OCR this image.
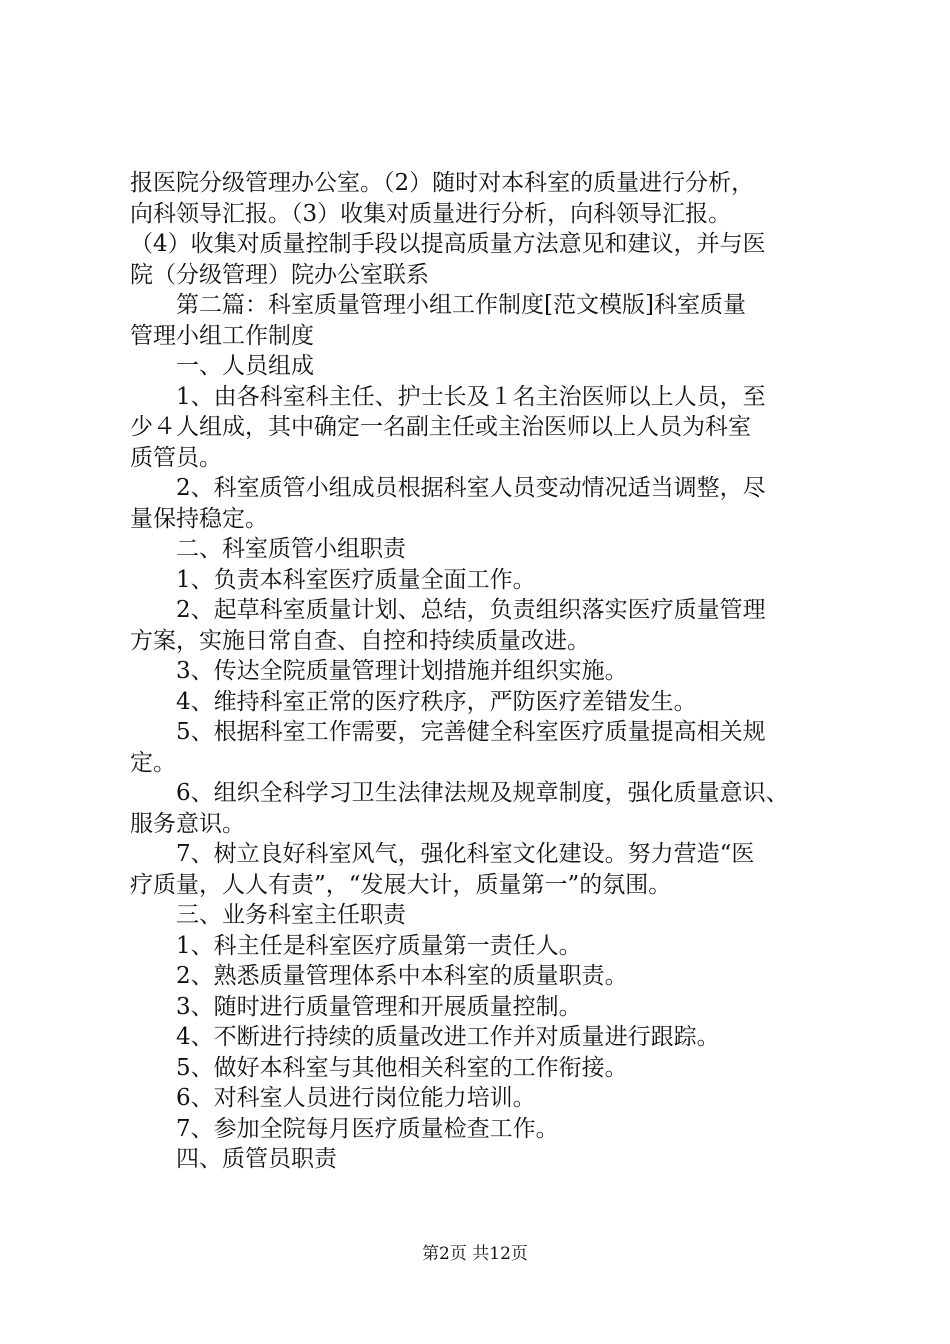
报医院分级管理办公室。（2）随时对本科室的质量进行分析，
向科领导汇报。（3）收集对质量进行分析，向科领导汇报。
（4）收集对质量控制手段以提高质量方法意见和建议，并与医
院（分级管理）院办公室联系
第二篇：科室质量管理小组工作制度[范文模版]科室质量
管理小组工作制度
一、人员组成
1、由各科室科主任、护士长及１名主治医师以上人员，至
少４人组成，其中确定一名副主任或主治医师以上人员为科室
质管员。
2、科室质管小组成员根据科室人员变动情况适当调整，尽
量保持稳定。
二、科室质管小组职责
1、负责本科室医疗质量全面工作。
2、起草科室质量计划、总结，负责组织落实医疗质量管理
方案，实施日常自查、自控和持续质量改进。
3、传达全院质量管理计划措施并组织实施。
4、维持科室正常的医疗秩序，严防医疗差错发生。
5、根据科室工作需要，完善健全科室医疗质量提高相关规
定。
6、组织全科学习卫生法律法规及规章制度，强化质量意识、
服务意识。
7、树立良好科室风气，强化科室文化建设。努力营造“医
疗质量，人人有责”，“发展大计，质量第一”的氛围。
三、业务科室主任职责
1、科主任是科室医疗质量第一责任人。
2、熟悉质量管理体系中本科室的质量职责。
3、随时进行质量管理和开展质量控制。
4、不断进行持续的质量改进工作并对质量进行跟踪。
5、做好本科室与其他相关科室的工作衔接。
6、对科室人员进行岗位能力培训。
7、参加全院每月医疗质量检查工作。
四、质管员职责
第2页 共12页
